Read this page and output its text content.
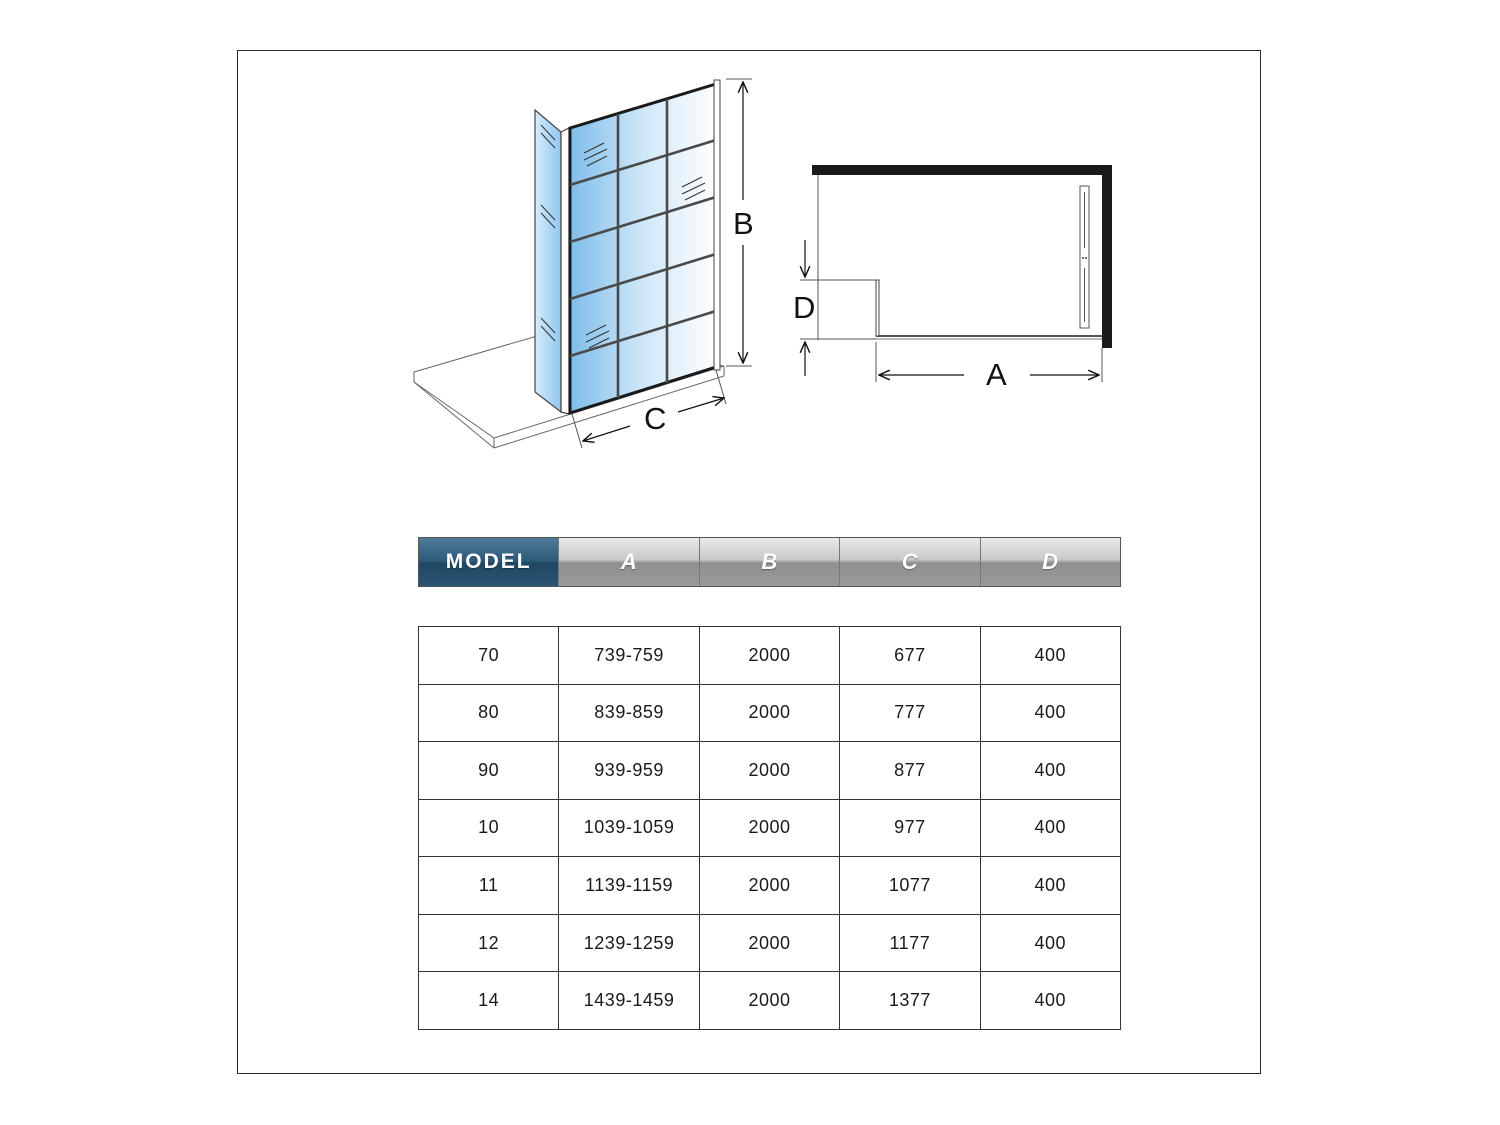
B
C
D
A
MODEL	A	B	C	D
70	739-759	2000	677	400
80	839-859	2000	777	400
90	939-959	2000	877	400
10	1039-1059	2000	977	400
11	1139-1159	2000	1077	400
12	1239-1259	2000	1177	400
14	1439-1459	2000	1377	400
